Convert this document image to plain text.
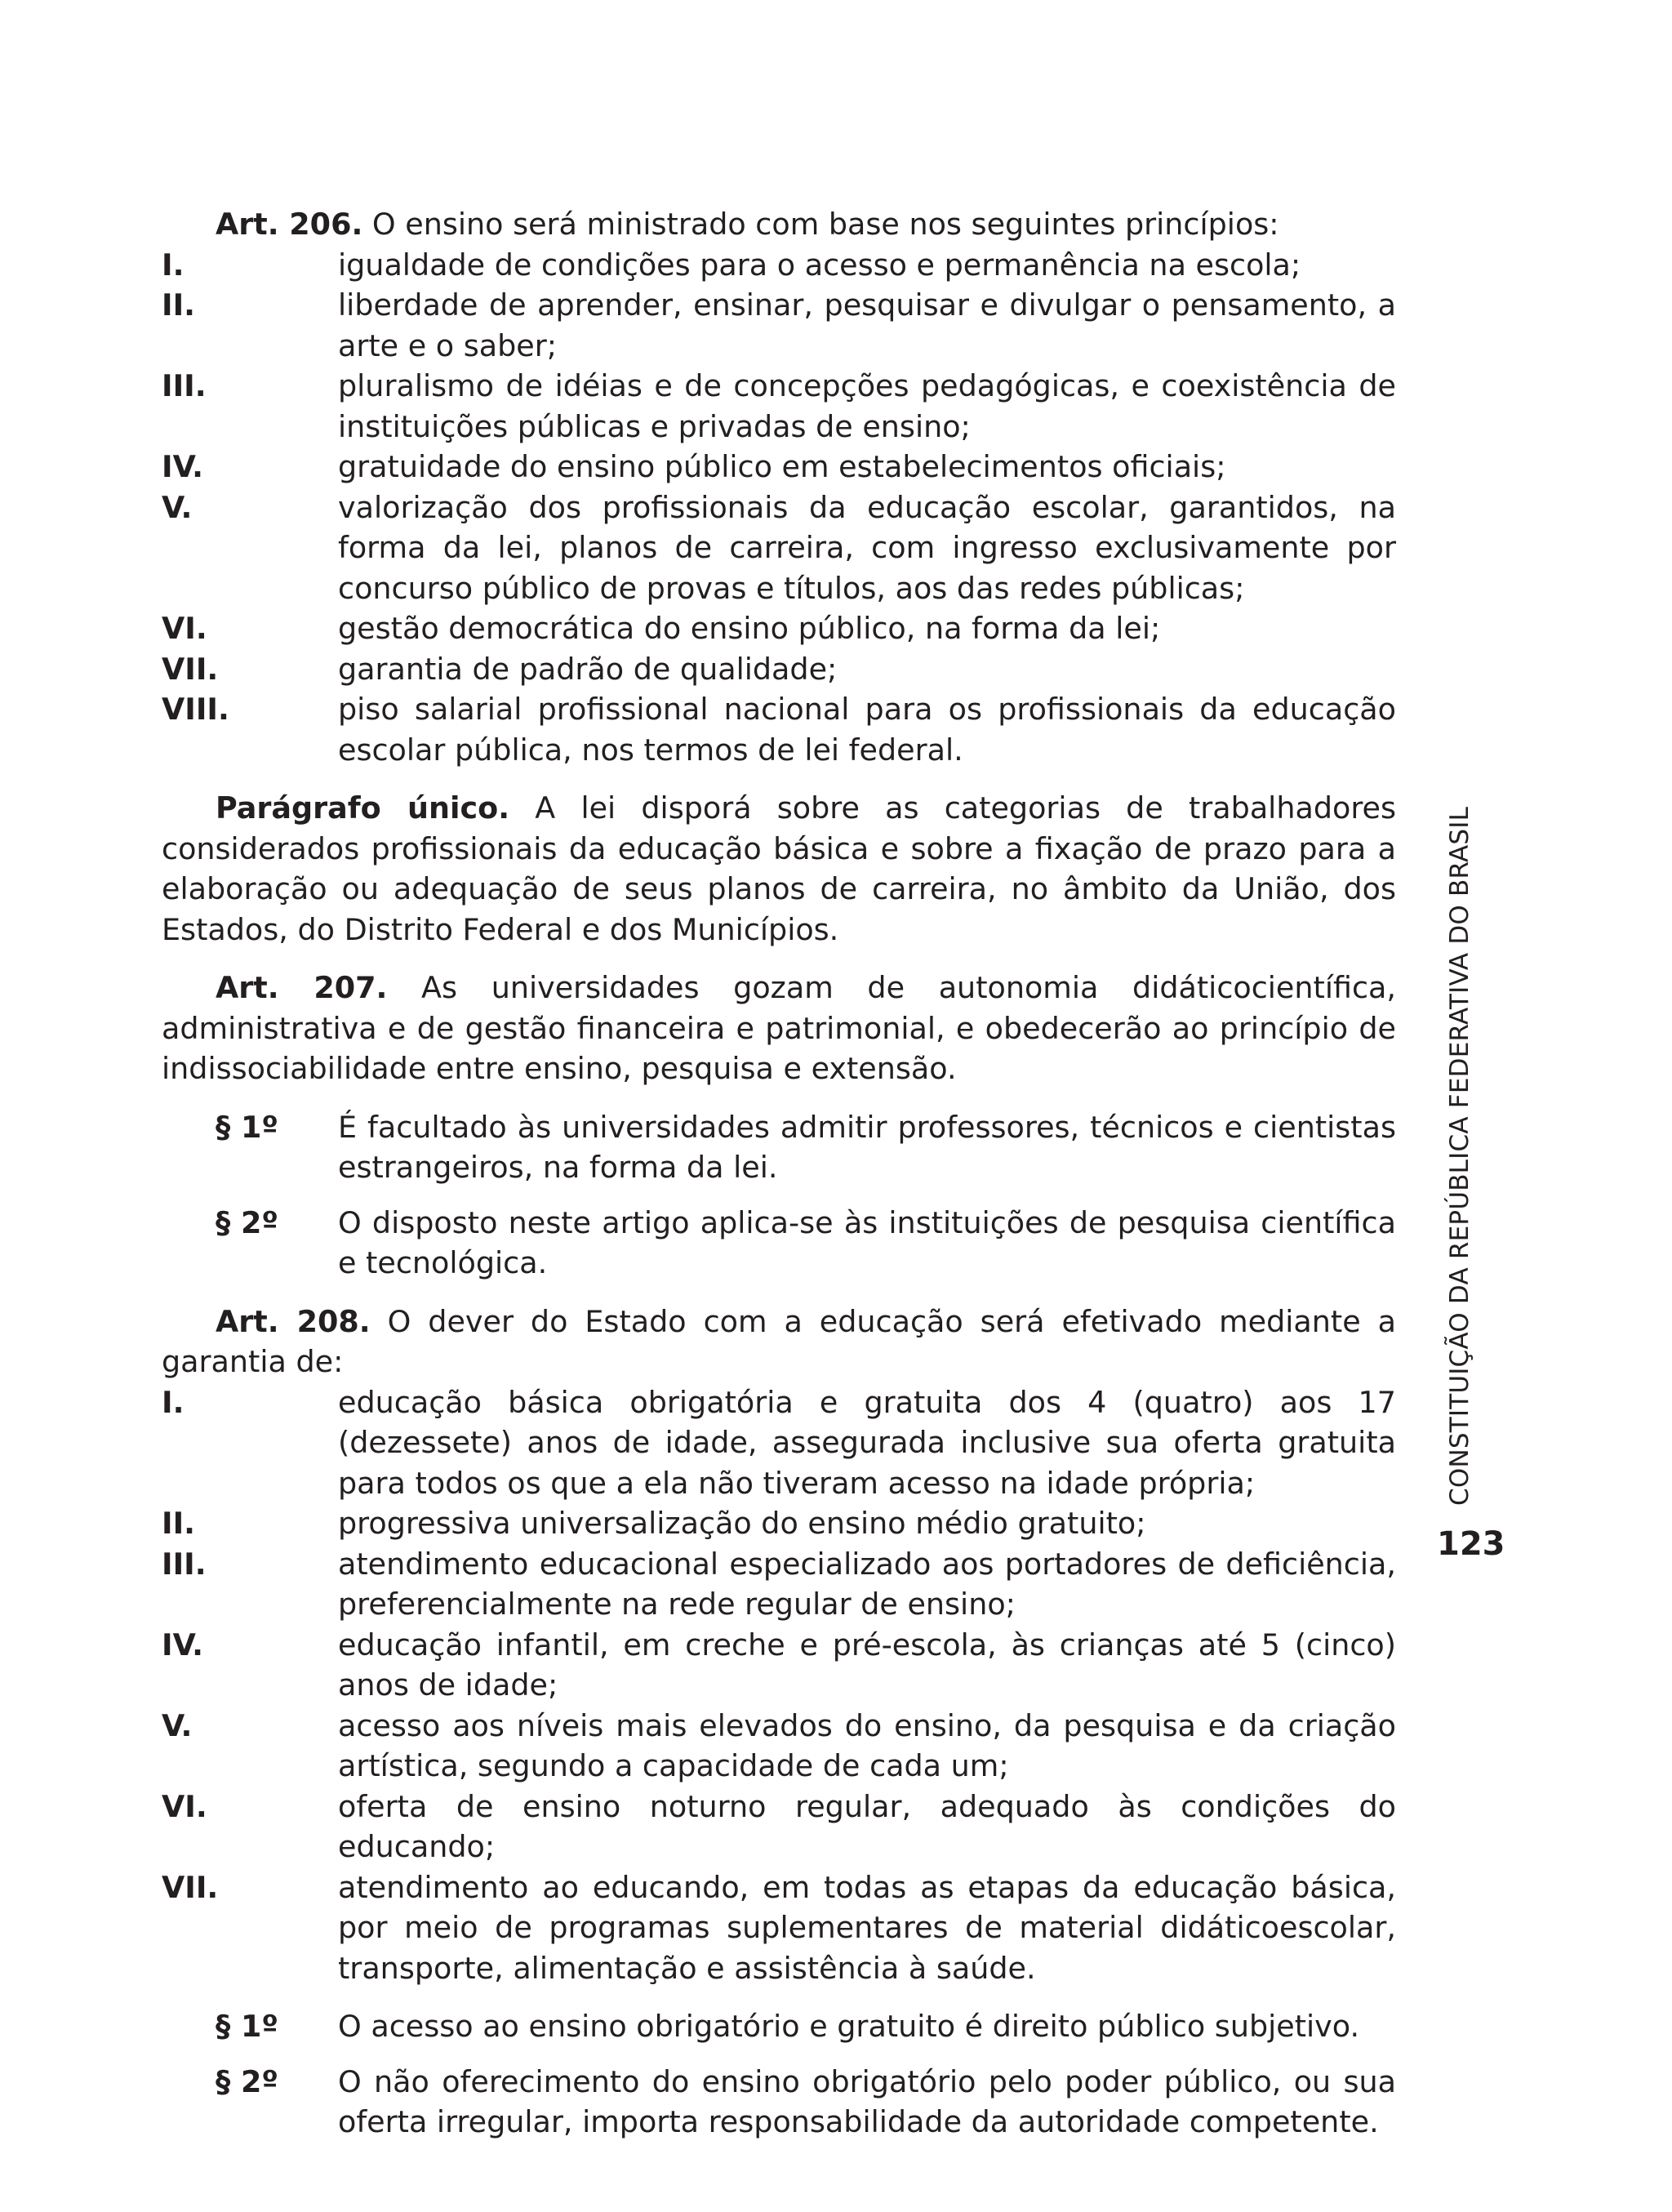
Art. 206. O ensino será ministrado com base nos seguintes princípios:

I.	igualdade de condições para o acesso e permanência na escola;
II.	liberdade de aprender, ensinar, pesquisar e divulgar o pensamento, a arte e o saber;
III.	pluralismo de idéias e de concepções pedagógicas, e coexistência de instituições públicas e privadas de ensino;
IV.	gratuidade do ensino público em estabelecimentos oficiais;
V.	valorização dos profissionais da educação escolar, garantidos, na forma da lei, planos de carreira, com ingresso exclusivamente por concurso público de provas e títulos, aos das redes públicas;
VI.	gestão democrática do ensino público, na forma da lei;
VII.	garantia de padrão de qualidade;
VIII.	piso salarial profissional nacional para os profissionais da educação escolar pública, nos termos de lei federal.

Parágrafo único. A lei disporá sobre as categorias de trabalhadores considerados profissionais da educação básica e sobre a fixação de prazo para a elaboração ou adequação de seus planos de carreira, no âmbito da União, dos Estados, do Distrito Federal e dos Municípios.

Art. 207. As universidades gozam de autonomia didáticocientífica, administrativa e de gestão financeira e patrimonial, e obedecerão ao princípio de indissociabilidade entre ensino, pesquisa e extensão.

§ 1º	É facultado às universidades admitir professores, técnicos e cientistas estrangeiros, na forma da lei.
§ 2º	O disposto neste artigo aplica-se às instituições de pesquisa científica e tecnológica.

Art. 208. O dever do Estado com a educação será efetivado mediante a garantia de:

I.	educação básica obrigatória e gratuita dos 4 (quatro) aos 17 (dezessete) anos de idade, assegurada inclusive sua oferta gratuita para todos os que a ela não tiveram acesso na idade própria;
II.	progressiva universalização do ensino médio gratuito;
III.	atendimento educacional especializado aos portadores de deficiência, preferencialmente na rede regular de ensino;
IV.	educação infantil, em creche e pré-escola, às crianças até 5 (cinco) anos de idade;
V.	acesso aos níveis mais elevados do ensino, da pesquisa e da criação artística, segundo a capacidade de cada um;
VI.	oferta de ensino noturno regular, adequado às condições do educando;
VII.	atendimento ao educando, em todas as etapas da educação básica, por meio de programas suplementares de material didáticoescolar, transporte, alimentação e assistência à saúde.
§ 1º	O acesso ao ensino obrigatório e gratuito é direito público subjetivo.
§ 2º	O não oferecimento do ensino obrigatório pelo poder público, ou sua oferta irregular, importa responsabilidade da autoridade competente.
CONSTITUIÇÃO DA REPÚBLICA FEDERATIVA DO BRASIL
123
